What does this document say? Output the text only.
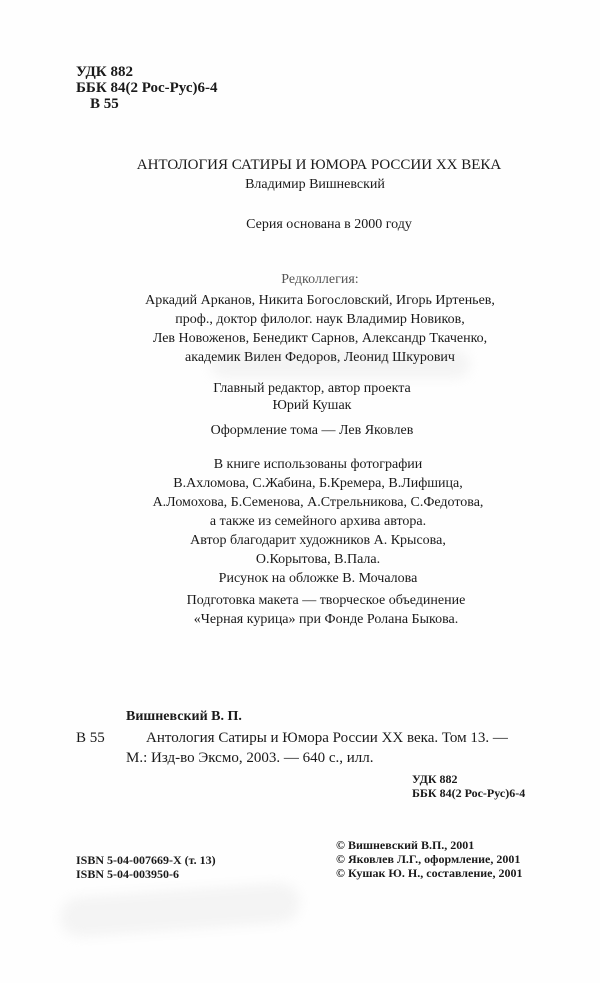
УДК 882
ББК 84(2 Рос-Рус)6-4
В 55
АНТОЛОГИЯ САТИРЫ И ЮМОРА РОССИИ XX ВЕКА
Владимир Вишневский
Серия основана в 2000 году
Редколлегия:
Аркадий Арканов, Никита Богословский, Игорь Иртеньев,
проф., доктор филолог. наук Владимир Новиков,
Лев Новоженов, Бенедикт Сарнов, Александр Ткаченко,
академик Вилен Федоров, Леонид Шкурович
Главный редактор, автор проекта
Юрий Кушак
Оформление тома — Лев Яковлев
В книге использованы фотографии
В.Ахломова, С.Жабина, Б.Кремера, В.Лифшица,
А.Ломохова, Б.Семенова, А.Стрельникова, С.Федотова,
а также из семейного архива автора.
Автор благодарит художников А. Крысова,
О.Корытова, В.Пала.
Рисунок на обложке В. Мочалова
Подготовка макета — творческое объединение
«Черная курица» при Фонде Ролана Быкова.
Вишневский В. П.
В 55	Антология Сатиры и Юмора России XX века. Том 13. —
М.: Изд-во Эксмо, 2003. — 640 с., илл.
УДК 882
ББК 84(2 Рос-Рус)6-4
ISBN 5-04-007669-X (т. 13)
ISBN 5-04-003950-6
© Вишневский В.П., 2001
© Яковлев Л.Г., оформление, 2001
© Кушак Ю. Н., составление, 2001
